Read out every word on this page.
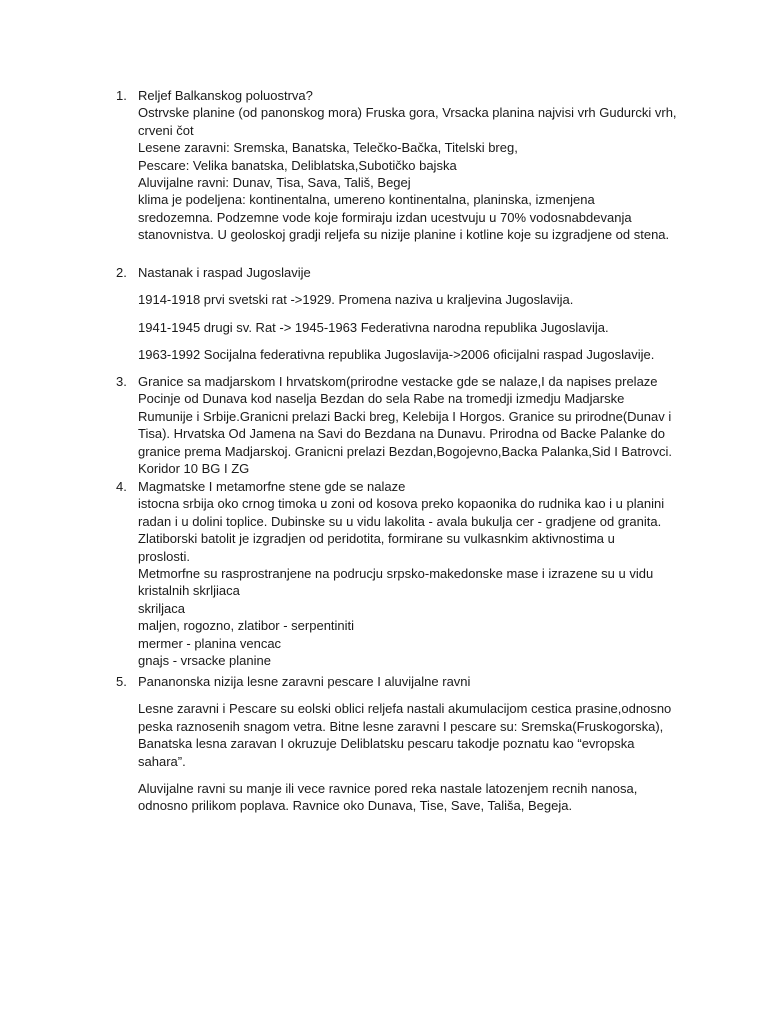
1. Reljef Balkanskog poluostrva?
Ostrvske planine (od panonskog mora) Fruska gora, Vrsacka planina najvisi vrh Gudurcki vrh,
crveni čot
Lesene zaravni: Sremska, Banatska, Telečko-Bačka, Titelski breg,
Pescare: Velika banatska, Deliblatska,Subotičko bajska
Aluvijalne ravni: Dunav, Tisa, Sava, Tališ, Begej
klima je podeljena: kontinentalna, umereno kontinentalna, planinska, izmenjena
sredozemna. Podzemne vode koje formiraju izdan ucestvuju u 70% vodosnabdevanja
stanovnistva. U geoloskoj gradji reljefa su nizije planine i kotline koje su izgradjene od stena.
2. Nastanak i raspad Jugoslavije
1914-1918 prvi svetski rat ->1929. Promena naziva u kraljevina Jugoslavija.
1941-1945 drugi sv. Rat -> 1945-1963 Federativna narodna republika Jugoslavija.
1963-1992 Socijalna federativna republika Jugoslavija->2006 oficijalni raspad Jugoslavije.
3. Granice sa madjarskom I hrvatskom(prirodne vestacke gde se nalaze,I da napises prelaze
Pocinje od Dunava kod naselja Bezdan do sela Rabe na tromedji izmedju Madjarske
Rumunije i Srbije.Granicni prelazi Backi breg, Kelebija I Horgos. Granice su prirodne(Dunav i
Tisa). Hrvatska Od Jamena na Savi do Bezdana na Dunavu. Prirodna od Backe Palanke do
granice prema Madjarskoj. Granicni prelazi Bezdan,Bogojevno,Backa Palanka,Sid I Batrovci.
Koridor 10 BG I ZG
4. Magmatske I metamorfne stene gde se nalaze
istocna srbija oko crnog timoka u zoni od kosova preko kopaonika do rudnika kao i u planini
radan i u dolini toplice. Dubinske su u vidu lakolita - avala bukulja cer - gradjene od granita.
Zlatiborski batolit je izgradjen od peridotita, formirane su vulkasnkim aktivnostima u
proslosti.
Metmorfne su rasprostranjene na podrucju srpsko-makedonske mase i izrazene su u vidu
kristalnih skrljiaca
skriljaca
maljen, rogozno, zlatibor - serpentiniti
mermer - planina vencac
gnajs - vrsacke planine
5. Pananonska nizija lesne zaravni pescare I aluvijalne ravni
Lesne zaravni i Pescare su eolski oblici reljefa nastali akumulacijom cestica prasine,odnosno
peska raznosenih snagom vetra. Bitne lesne zaravni I pescare su: Sremska(Fruskogorska),
Banatska lesna zaravan I okruzuje Deliblatsku pescaru takodje poznatu kao “evropska
sahara”.
Aluvijalne ravni su manje ili vece ravnice pored reka nastale latozenjem recnih nanosa,
odnosno prilikom poplava. Ravnice oko Dunava, Tise, Save, Tališa, Begeja.
